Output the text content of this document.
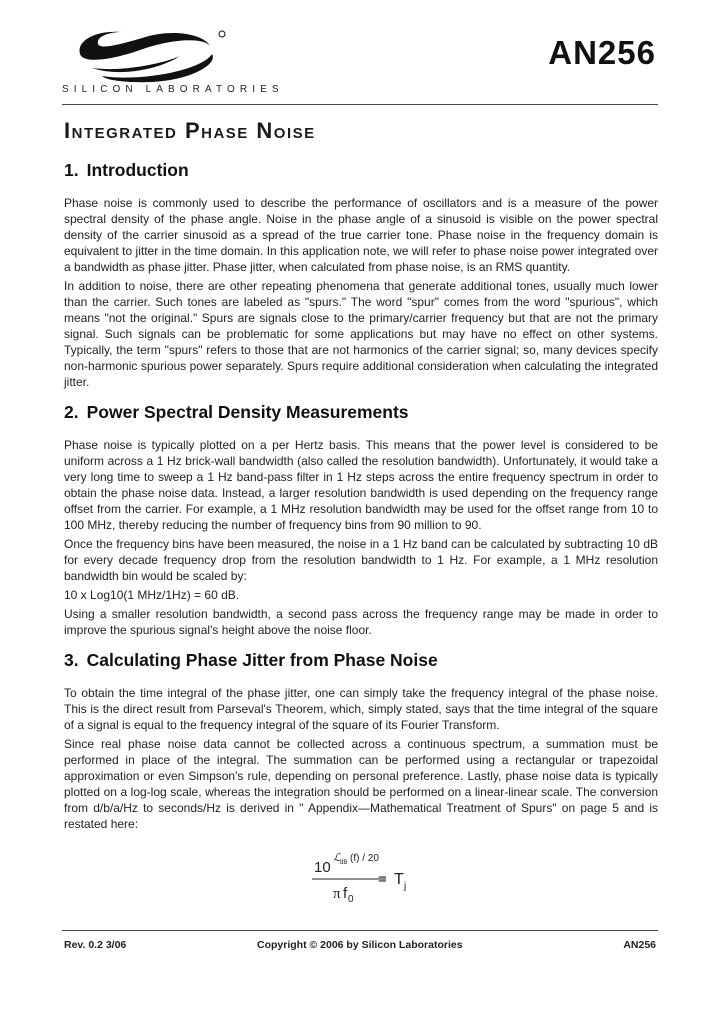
SILICON LABORATORIES
AN256
Integrated Phase Noise
1. Introduction

Phase noise is commonly used to describe the performance of oscillators and is a measure of the power spectral density of the phase angle. Noise in the phase angle of a sinusoid is visible on the power spectral density of the carrier sinusoid as a spread of the true carrier tone. Phase noise in the frequency domain is equivalent to jitter in the time domain. In this application note, we will refer to phase noise power integrated over a bandwidth as phase jitter. Phase jitter, when calculated from phase noise, is an RMS quantity.

In addition to noise, there are other repeating phenomena that generate additional tones, usually much lower than the carrier. Such tones are labeled as "spurs." The word "spur" comes from the word "spurious", which means "not the original." Spurs are signals close to the primary/carrier frequency but that are not the primary signal. Such signals can be problematic for some applications but may have no effect on other systems. Typically, the term "spurs" refers to those that are not harmonics of the carrier signal; so, many devices specify non-harmonic spurious power separately. Spurs require additional consideration when calculating the integrated jitter.

2. Power Spectral Density Measurements

Phase noise is typically plotted on a per Hertz basis. This means that the power level is considered to be uniform across a 1 Hz brick-wall bandwidth (also called the resolution bandwidth). Unfortunately, it would take a very long time to sweep a 1 Hz band-pass filter in 1 Hz steps across the entire frequency spectrum in order to obtain the phase noise data. Instead, a larger resolution bandwidth is used depending on the frequency range offset from the carrier. For example, a 1 MHz resolution bandwidth may be used for the offset range from 10 to 100 MHz, thereby reducing the number of frequency bins from 90 million to 90.

Once the frequency bins have been measured, the noise in a 1 Hz band can be calculated by subtracting 10 dB for every decade frequency drop from the resolution bandwidth to 1 Hz. For example, a 1 MHz resolution bandwidth bin would be scaled by:

10 x Log10(1 MHz/1Hz) = 60 dB.

Using a smaller resolution bandwidth, a second pass across the frequency range may be made in order to improve the spurious signal's height above the noise floor.

3. Calculating Phase Jitter from Phase Noise

To obtain the time integral of the phase jitter, one can simply take the frequency integral of the phase noise. This is the direct result from Parseval's Theorem, which, simply stated, says that the time integral of the square of a signal is equal to the frequency integral of the square of its Fourier Transform.

Since real phase noise data cannot be collected across a continuous spectrum, a summation must be performed in place of the integral. The summation can be performed using a rectangular or trapezoidal approximation or even Simpson's rule, depending on personal preference. Lastly, phase noise data is typically plotted on a log-log scale, whereas the integration should be performed on a linear-linear scale. The conversion from d/b/a/Hz to seconds/Hz is derived in " Appendix—Mathematical Treatment of Spurs" on page 5 and is restated here:

10
ℒ dB (f) / 20
π f 0
= T j
Rev. 0.2 3/06	Copyright © 2006 by Silicon Laboratories	AN256
